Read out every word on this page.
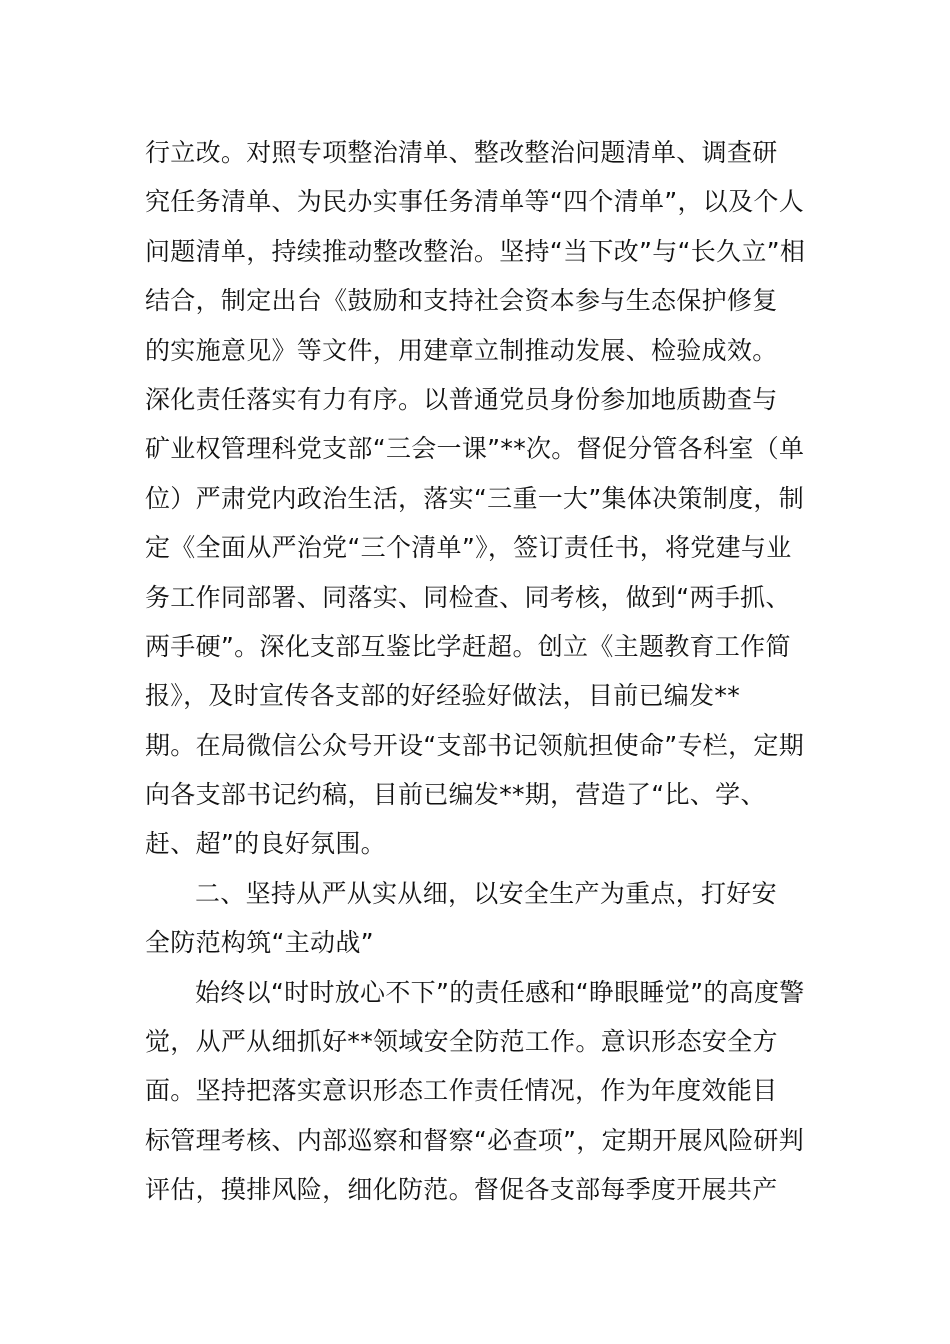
行立改。对照专项整治清单、整改整治问题清单、调查研
究任务清单、为民办实事任务清单等“四个清单”，以及个人
问题清单，持续推动整改整治。坚持“当下改”与“长久立”相
结合，制定出台《鼓励和支持社会资本参与生态保护修复
的实施意见》等文件，用建章立制推动发展、检验成效。
深化责任落实有力有序。以普通党员身份参加地质勘查与
矿业权管理科党支部“三会一课”**次。督促分管各科室（单
位）严肃党内政治生活，落实“三重一大”集体决策制度，制
定《全面从严治党“三个清单”》，签订责任书，将党建与业
务工作同部署、同落实、同检查、同考核，做到“两手抓、
两手硬”。深化支部互鉴比学赶超。创立《主题教育工作简
报》，及时宣传各支部的好经验好做法，目前已编发**
期。在局微信公众号开设“支部书记领航担使命”专栏，定期
向各支部书记约稿，目前已编发**期，营造了“比、学、
赶、超”的良好氛围。
二、坚持从严从实从细，以安全生产为重点，打好安
全防范构筑“主动战”
始终以“时时放心不下”的责任感和“睁眼睡觉”的高度警
觉，从严从细抓好**领域安全防范工作。意识形态安全方
面。坚持把落实意识形态工作责任情况，作为年度效能目
标管理考核、内部巡察和督察“必查项”，定期开展风险研判
评估，摸排风险，细化防范。督促各支部每季度开展共产
